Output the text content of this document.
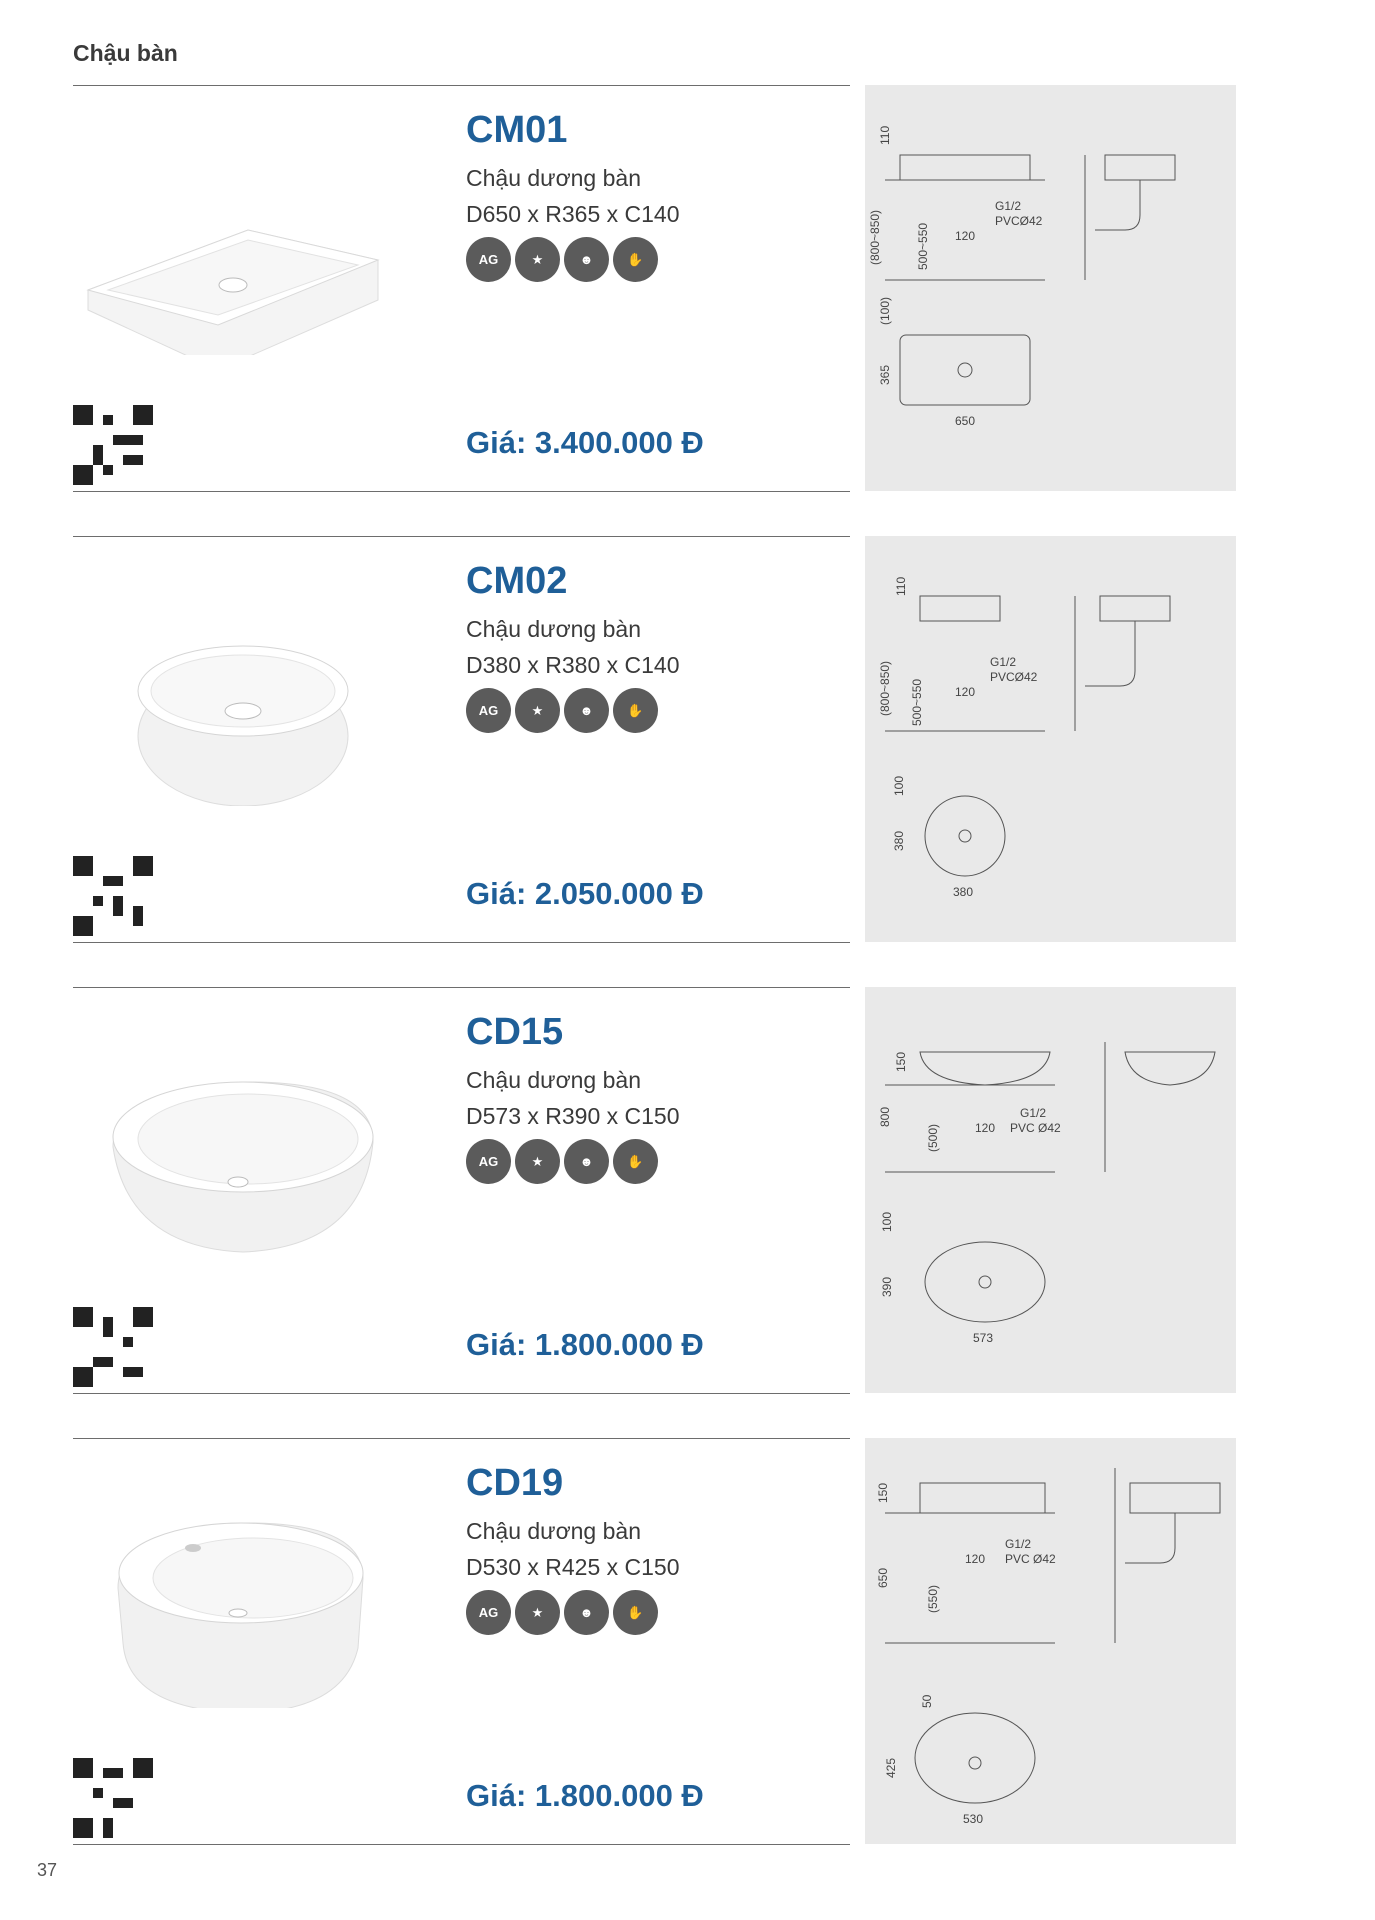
Chậu bàn
CM01
Chậu dương bàn
D650 x R365 x C140
AG	★	☻	✋
Giá: 3.400.000 Đ
110
(800~850)	500~550 120
G1/2
PVCØ42
650
365
(100)
CM02
Chậu dương bàn
D380 x R380 x C140
AG	★	☻	✋
Giá: 2.050.000 Đ
110
(800~850) 500~550	120
G1/2
PVCØ42
380
380
100
CD15
Chậu dương bàn
D573 x R390 x C150
AG	★	☻	✋
Giá: 1.800.000 Đ
150
800
(500)	120
G1/2
PVC Ø42
573
390
100
CD19
Chậu dương bàn
D530 x R425 x C150
AG	★	☻	✋
Giá: 1.800.000 Đ
150
650
(550)
120
G1/2
PVC Ø42
530
425
50
37
